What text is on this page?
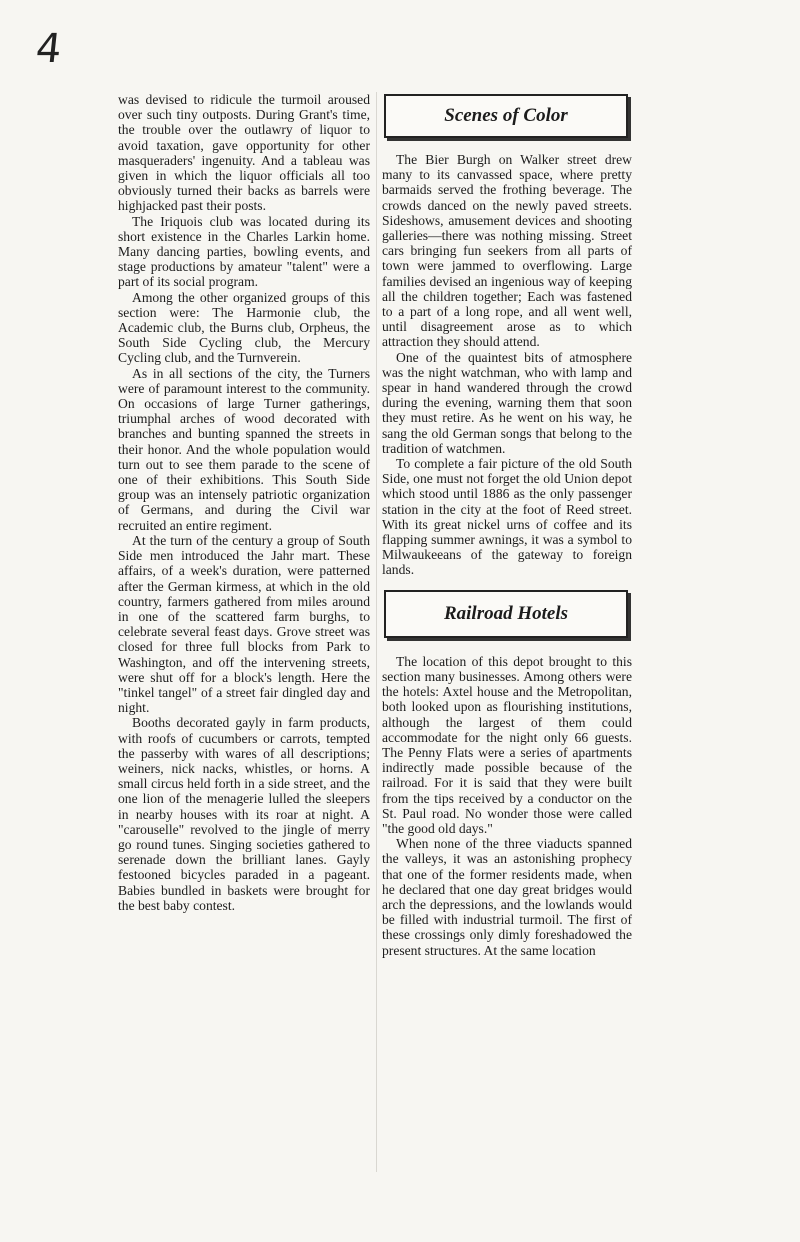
4

was devised to ridicule the turmoil aroused over such tiny outposts. During Grant's time, the trouble over the outlawry of liquor to avoid taxation, gave opportunity for other masqueraders' ingenuity. And a tableau was given in which the liquor officials all too obviously turned their backs as barrels were highjacked past their posts.

The Iriquois club was located during its short existence in the Charles Larkin home. Many dancing parties, bowling events, and stage productions by amateur "talent" were a part of its social program.

Among the other organized groups of this section were: The Harmonie club, the Academic club, the Burns club, Orpheus, the South Side Cycling club, the Mercury Cycling club, and the Turnverein.

As in all sections of the city, the Turners were of paramount interest to the community. On occasions of large Turner gatherings, triumphal arches of wood decorated with branches and bunting spanned the streets in their honor. And the whole population would turn out to see them parade to the scene of one of their exhibitions. This South Side group was an intensely patriotic organization of Germans, and during the Civil war recruited an entire regiment.

At the turn of the century a group of South Side men introduced the Jahr mart. These affairs, of a week's duration, were patterned after the German kirmess, at which in the old country, farmers gathered from miles around in one of the scattered farm burghs, to celebrate several feast days. Grove street was closed for three full blocks from Park to Washington, and off the intervening streets, were shut off for a block's length. Here the "tinkel tangel" of a street fair dingled day and night.

Booths decorated gayly in farm products, with roofs of cucumbers or carrots, tempted the passerby with wares of all descriptions; weiners, nick nacks, whistles, or horns. A small circus held forth in a side street, and the one lion of the menagerie lulled the sleepers in nearby houses with its roar at night. A "carouselle" revolved to the jingle of merry go round tunes. Singing societies gathered to serenade down the brilliant lanes. Gayly festooned bicycles paraded in a pageant. Babies bundled in baskets were brought for the best baby contest.

Scenes of Color

The Bier Burgh on Walker street drew many to its canvassed space, where pretty barmaids served the frothing beverage. The crowds danced on the newly paved streets. Sideshows, amusement devices and shooting galleries—there was nothing missing. Street cars bringing fun seekers from all parts of town were jammed to overflowing. Large families devised an ingenious way of keeping all the children together; Each was fastened to a part of a long rope, and all went well, until disagreement arose as to which attraction they should attend.

One of the quaintest bits of atmosphere was the night watchman, who with lamp and spear in hand wandered through the crowd during the evening, warning them that soon they must retire. As he went on his way, he sang the old German songs that belong to the tradition of watchmen.

To complete a fair picture of the old South Side, one must not forget the old Union depot which stood until 1886 as the only passenger station in the city at the foot of Reed street. With its great nickel urns of coffee and its flapping summer awnings, it was a symbol to Milwaukeeans of the gateway to foreign lands.

Railroad Hotels

The location of this depot brought to this section many businesses. Among others were the hotels: Axtel house and the Metropolitan, both looked upon as flourishing institutions, although the largest of them could accommodate for the night only 66 guests. The Penny Flats were a series of apartments indirectly made possible because of the railroad. For it is said that they were built from the tips received by a conductor on the St. Paul road. No wonder those were called "the good old days."

When none of the three viaducts spanned the valleys, it was an astonishing prophecy that one of the former residents made, when he declared that one day great bridges would arch the depressions, and the lowlands would be filled with industrial turmoil. The first of these crossings only dimly foreshadowed the present structures. At the same location
